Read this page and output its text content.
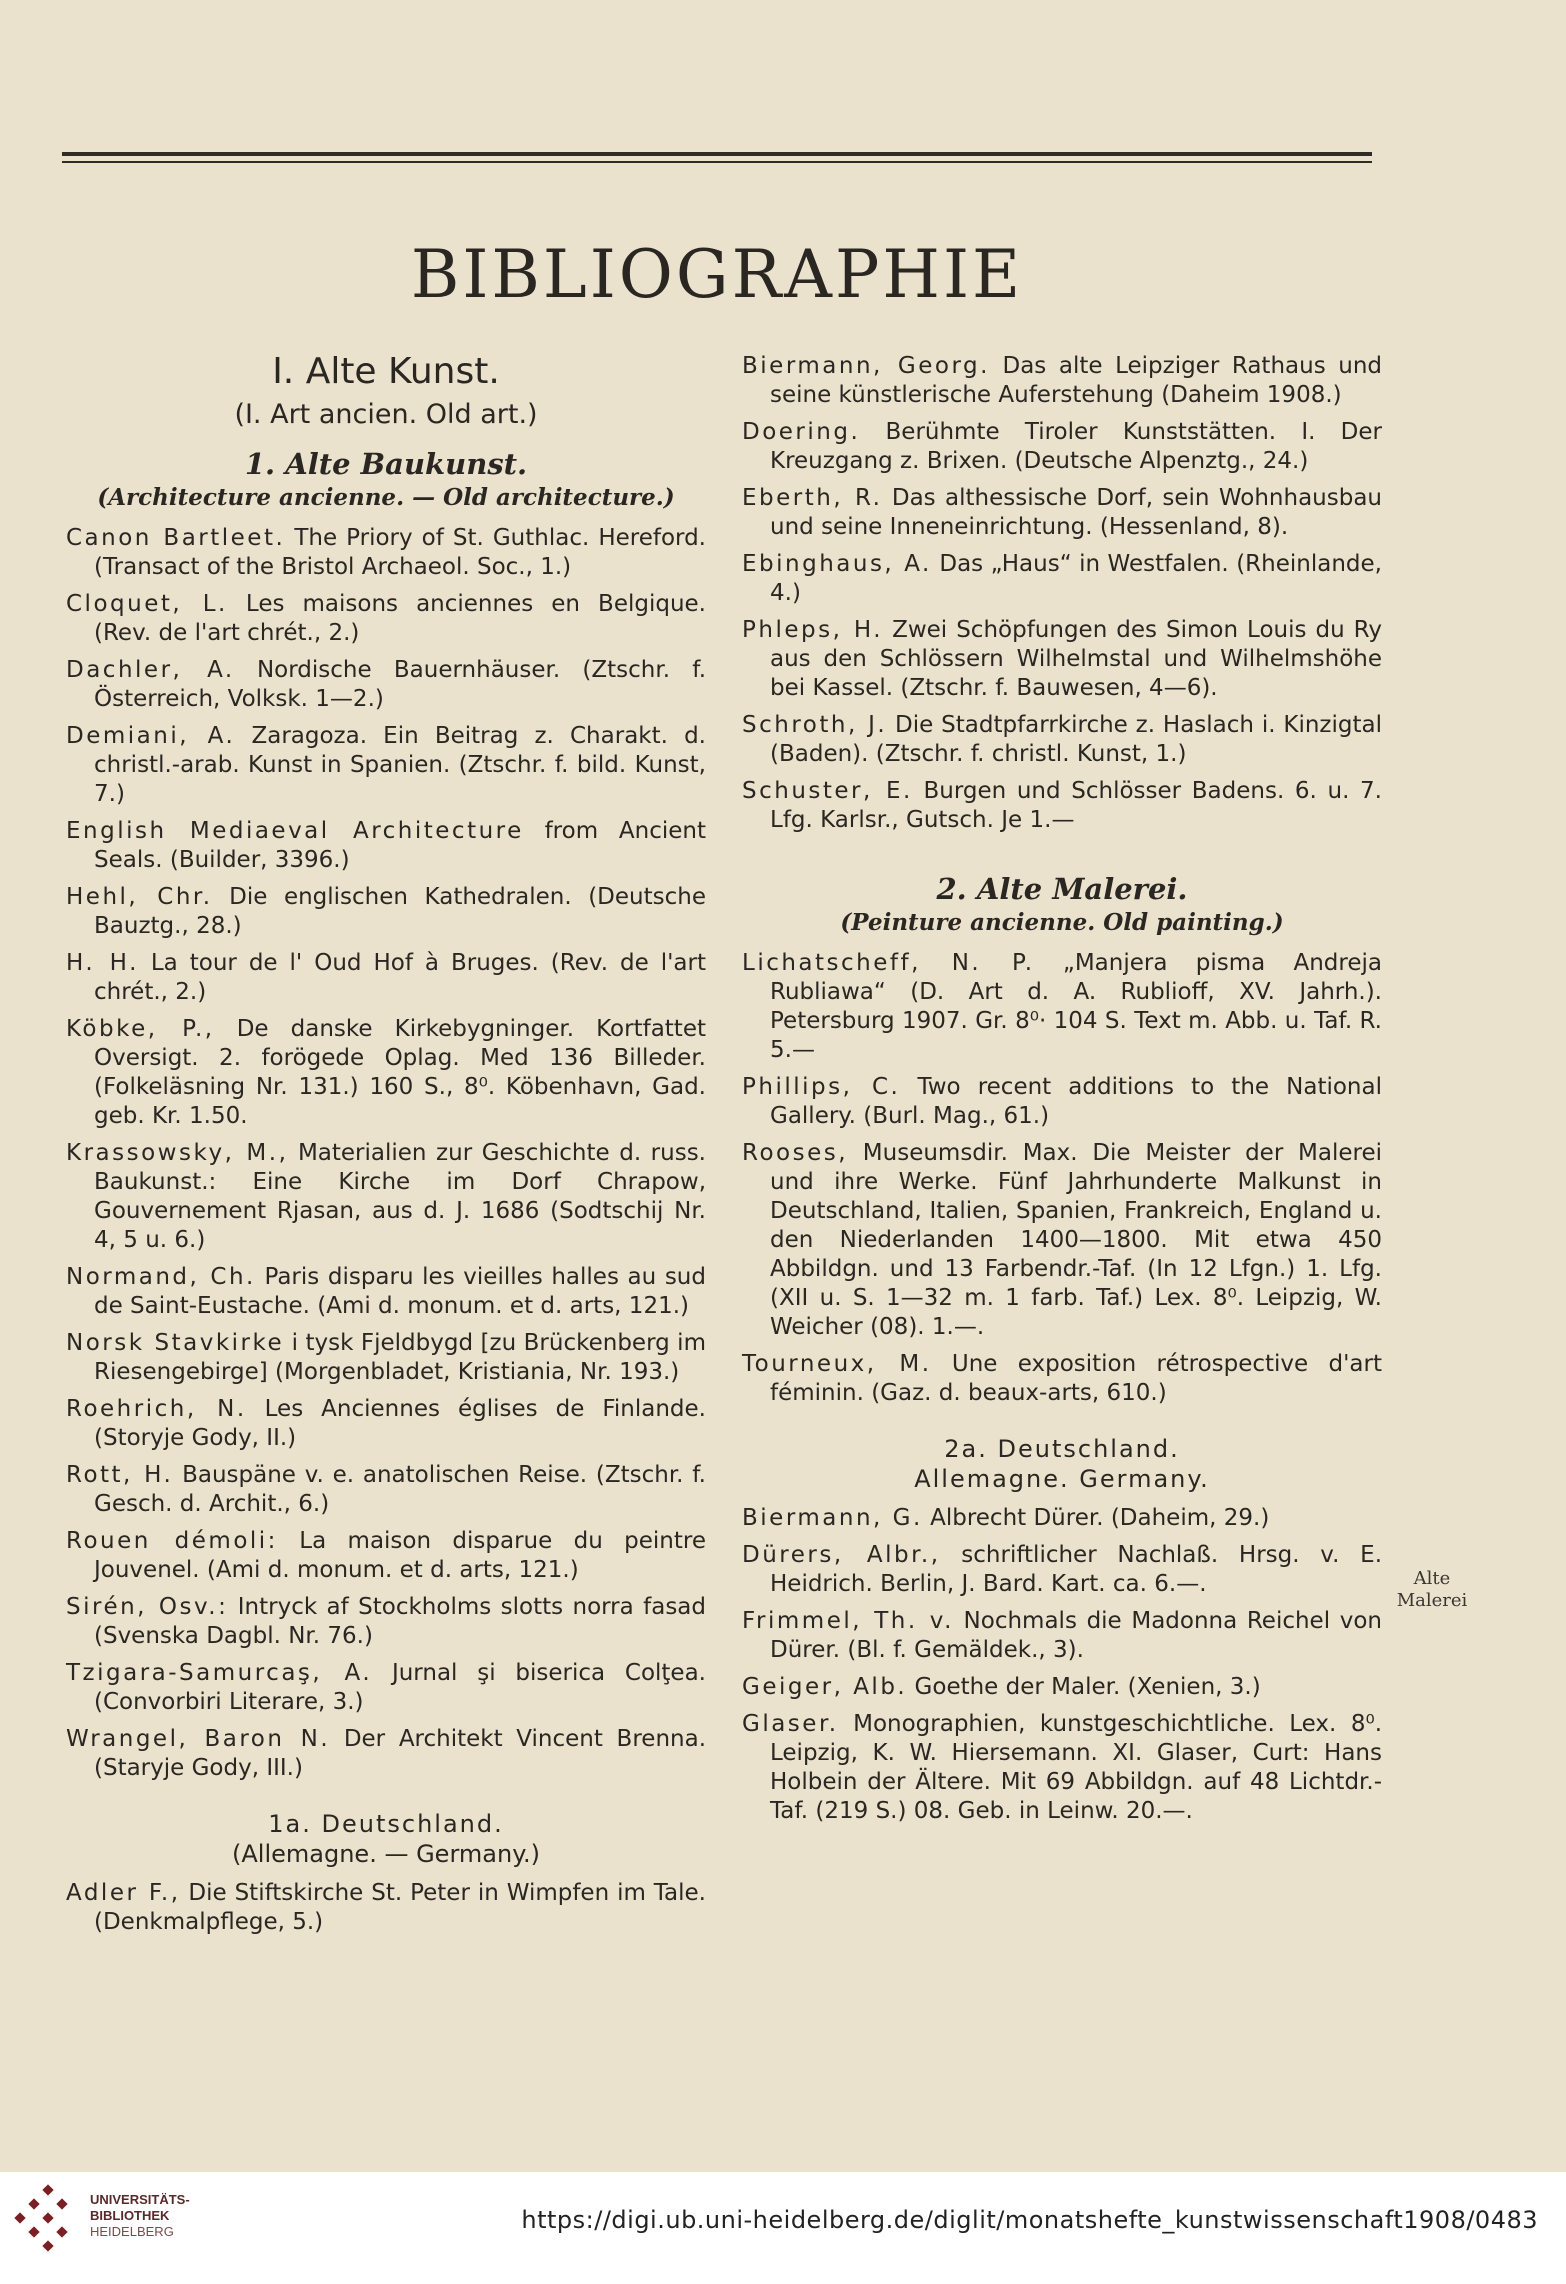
BIBLIOGRAPHIE
I. Alte Kunst.
(I. Art ancien. Old art.)
1. Alte Baukunst.
(Architecture ancienne. — Old architecture.)

Canon Bartleet. The Priory of St. Guthlac. Hereford. (Transact of the Bristol Archaeol. Soc., 1.)

Cloquet, L. Les maisons anciennes en Belgique. (Rev. de l'art chrét., 2.)

Dachler, A. Nordische Bauernhäuser. (Ztschr. f. Österreich, Volksk. 1—2.)

Demiani, A. Zaragoza. Ein Beitrag z. Charakt. d. christl.-arab. Kunst in Spanien. (Ztschr. f. bild. Kunst, 7.)

English Mediaeval Architecture from Ancient Seals. (Builder, 3396.)

Hehl, Chr. Die englischen Kathedralen. (Deutsche Bauztg., 28.)

H. H. La tour de l' Oud Hof à Bruges. (Rev. de l'art chrét., 2.)

Köbke, P., De danske Kirkebygninger. Kortfattet Oversigt. 2. forögede Oplag. Med 136 Billeder. (Folkeläsning Nr. 131.) 160 S., 8⁰. Köbenhavn, Gad. geb. Kr. 1.50.

Krassowsky, M., Materialien zur Geschichte d. russ. Baukunst.: Eine Kirche im Dorf Chrapow, Gouvernement Rjasan, aus d. J. 1686 (Sodtschij Nr. 4, 5 u. 6.)

Normand, Ch. Paris disparu les vieilles halles au sud de Saint-Eustache. (Ami d. monum. et d. arts, 121.)

Norsk Stavkirke i tysk Fjeldbygd [zu Brückenberg im Riesengebirge] (Morgenbladet, Kristiania, Nr. 193.)

Roehrich, N. Les Anciennes églises de Finlande. (Storyje Gody, II.)

Rott, H. Bauspäne v. e. anatolischen Reise. (Ztschr. f. Gesch. d. Archit., 6.)

Rouen démoli: La maison disparue du peintre Jouvenel. (Ami d. monum. et d. arts, 121.)

Sirén, Osv.: Intryck af Stockholms slotts norra fasad (Svenska Dagbl. Nr. 76.)

Tzigara-Samurcaş, A. Jurnal şi biserica Colţea. (Convorbiri Literare, 3.)

Wrangel, Baron N. Der Architekt Vincent Brenna. (Staryje Gody, III.)

1a. Deutschland.
(Allemagne. — Germany.)

Adler F., Die Stiftskirche St. Peter in Wimpfen im Tale. (Denkmalpflege, 5.)

Biermann, Georg. Das alte Leipziger Rathaus und seine künstlerische Auferstehung (Daheim 1908.)

Doering. Berühmte Tiroler Kunststätten. I. Der Kreuzgang z. Brixen. (Deutsche Alpenztg., 24.)

Eberth, R. Das althessische Dorf, sein Wohnhausbau und seine Inneneinrichtung. (Hessenland, 8).

Ebinghaus, A. Das „Haus“ in Westfalen. (Rheinlande, 4.)

Phleps, H. Zwei Schöpfungen des Simon Louis du Ry aus den Schlössern Wilhelmstal und Wilhelmshöhe bei Kassel. (Ztschr. f. Bauwesen, 4—6).

Schroth, J. Die Stadtpfarrkirche z. Haslach i. Kinzigtal (Baden). (Ztschr. f. christl. Kunst, 1.)

Schuster, E. Burgen und Schlösser Badens. 6. u. 7. Lfg. Karlsr., Gutsch. Je 1.—

2. Alte Malerei.
(Peinture ancienne. Old painting.)

Lichatscheff, N. P. „Manjera pisma Andreja Rubliawa“ (D. Art d. A. Rublioff, XV. Jahrh.). Petersburg 1907. Gr. 8⁰· 104 S. Text m. Abb. u. Taf. R. 5.—

Phillips, C. Two recent additions to the National Gallery. (Burl. Mag., 61.)

Rooses, Museumsdir. Max. Die Meister der Malerei und ihre Werke. Fünf Jahrhunderte Malkunst in Deutschland, Italien, Spanien, Frankreich, England u. den Niederlanden 1400—1800. Mit etwa 450 Abbildgn. und 13 Farbendr.-Taf. (In 12 Lfgn.) 1. Lfg. (XII u. S. 1—32 m. 1 farb. Taf.) Lex. 8⁰. Leipzig, W. Weicher (08). 1.—.

Tourneux, M. Une exposition rétrospective d'art féminin. (Gaz. d. beaux-arts, 610.)

2a. Deutschland.
Allemagne. Germany.

Biermann, G. Albrecht Dürer. (Daheim, 29.)

Dürers, Albr., schriftlicher Nachlaß. Hrsg. v. E. Heidrich. Berlin, J. Bard. Kart. ca. 6.—.

Frimmel, Th. v. Nochmals die Madonna Reichel von Dürer. (Bl. f. Gemäldek., 3).

Geiger, Alb. Goethe der Maler. (Xenien, 3.)

Glaser. Monographien, kunstgeschichtliche. Lex. 8⁰. Leipzig, K. W. Hiersemann. XI. Glaser, Curt: Hans Holbein der Ältere. Mit 69 Abbildgn. auf 48 Lichtdr.-Taf. (219 S.) 08. Geb. in Leinw. 20.—.

Alte Malerei
UNIVERSITÄTS-
BIBLIOTHEK
HEIDELBERG	https://digi.ub.uni-heidelberg.de/diglit/monatshefte_kunstwissenschaft1908/0483
